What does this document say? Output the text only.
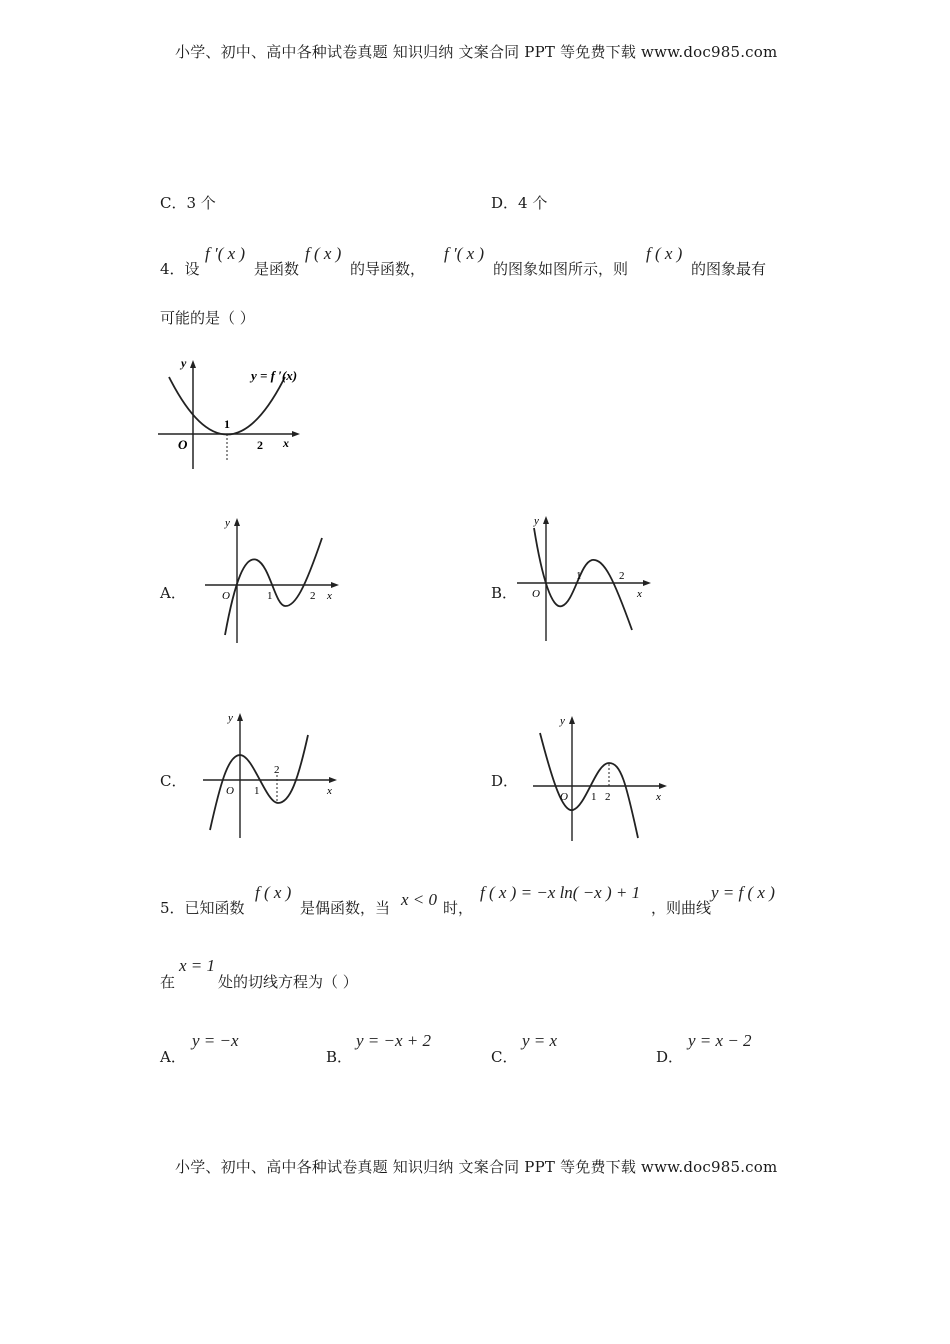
小学、初中、高中各种试卷真题 知识归纳 文案合同 PPT 等免费下载 www.doc985.com
小学、初中、高中各种试卷真题 知识归纳 文案合同 PPT 等免费下载 www.doc985.com
C．3 个	D．4 个
4．设
f ′( x )
是函数
f ( x )
的导函数，
f ′( x )
的图象如图所示，则
f ( x )
的图象最有
可能的是（ ）
y
y = f ′(x)
O
1
2 x
A．
y
O	1	2 x	B．
y
O
1	2
x
C．
y
O 1
2
x
D．
y
O 1 2	x
5．已知函数
f ( x )
是偶函数，当 x < 0 时，
f ( x ) = −x ln( −x ) + 1
，则曲线
y = f ( x )
在
x = 1
处的切线方程为（ ）
A．
y = −x
B．
y = −x + 2
C．
y = x
D．
y = x − 2
